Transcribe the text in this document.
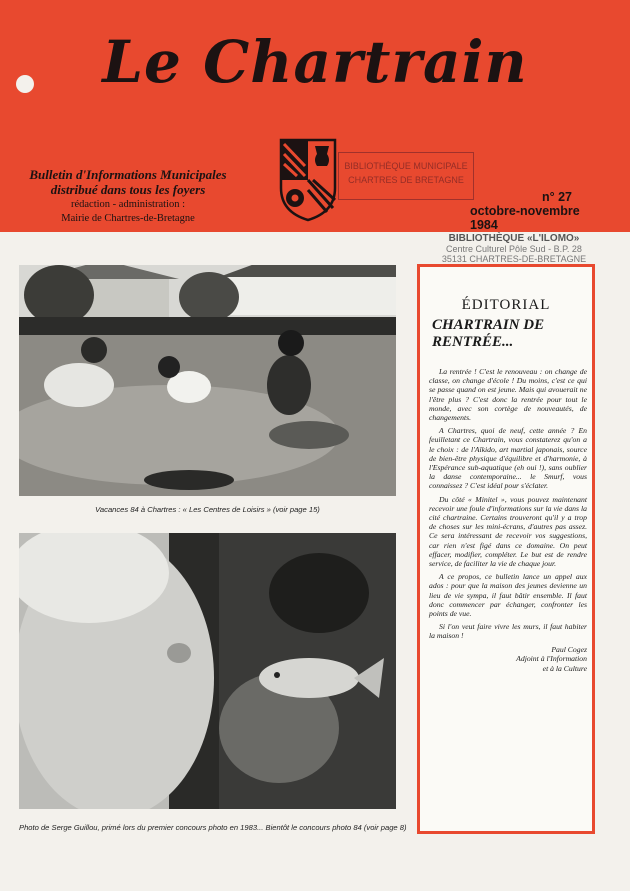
Le Chartrain
Bulletin d'Informations Municipales
distribué dans tous les foyers
rédaction - administration :
Mairie de Chartres-de-Bretagne
BIBLIOTHÈQUE MUNICIPALE
CHARTRES DE BRETAGNE
n° 27
octobre-novembre 1984
BIBLIOTHÈQUE «L'ILOMO»
Centre Culturel Pôle Sud - B.P. 28
35131 CHARTRES-DE-BRETAGNE
Vacances 84 à Chartres : « Les Centres de Loisirs » (voir page 15)
Photo de Serge Guillou, primé lors du premier concours photo en 1983... Bientôt le concours photo 84 (voir page 8)
ÉDITORIAL
CHARTRAIN DE RENTRÉE...

La rentrée ! C'est le renouveau : on change de classe, on change d'école ! Du moins, c'est ce qui se passe quand on est jeune. Mais qui avouerait ne l'être plus ? C'est donc la rentrée pour tout le monde, avec son cortège de nouveautés, de changements.

A Chartres, quoi de neuf, cette année ? En feuilletant ce Chartrain, vous constaterez qu'on a le choix : de l'Aïkido, art martial japonais, source de bien-être physique d'équilibre et d'harmonie, à l'Espérance sub-aquatique (eh oui !), sans oublier la danse contemporaine... le Smurf, vous connaissez ? C'est idéal pour s'éclater.

Du côté « Minitel », vous pouvez maintenant recevoir une foule d'informations sur la vie dans la cité chartraine. Certains trouveront qu'il y a trop de choses sur les mini-écrans, d'autres pas assez. Ce sera intéressant de recevoir vos suggestions, car rien n'est figé dans ce domaine. On peut effacer, modifier, compléter. Le but est de rendre service, de faciliter la vie de chaque jour.

A ce propos, ce bulletin lance un appel aux ados : pour que la maison des jeunes devienne un lieu de vie sympa, il faut bâtir ensemble. Il faut donc commencer par échanger, confronter les points de vue.

Si l'on veut faire vivre les murs, il faut habiter la maison !

Paul Cogez
Adjoint à l'Information
et à la Culture
